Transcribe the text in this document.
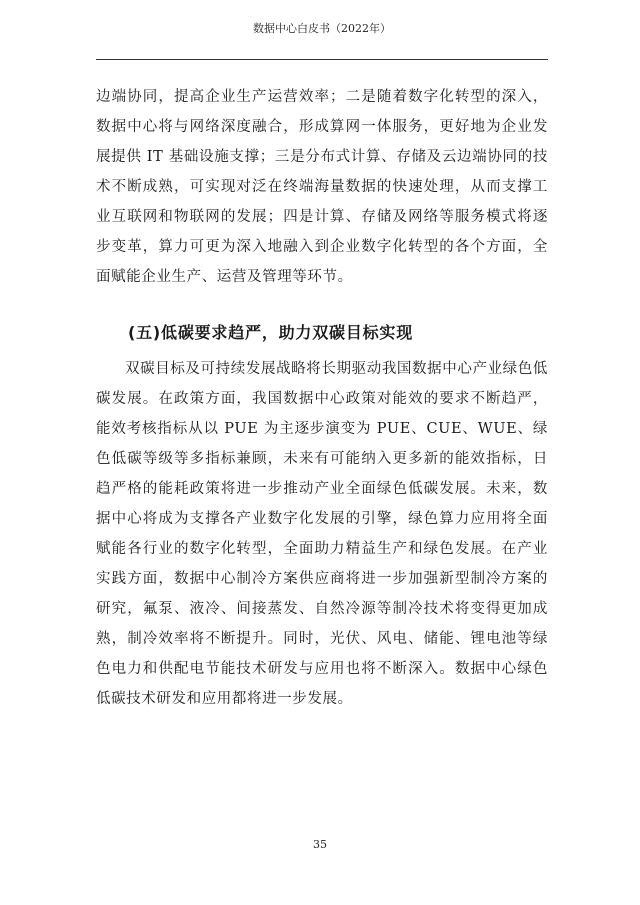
数据中心白皮书（2022年）

边端协同，提高企业生产运营效率；二是随着数字化转型的深入，数据中心将与网络深度融合，形成算网一体服务，更好地为企业发展提供 IT 基础设施支撑；三是分布式计算、存储及云边端协同的技术不断成熟，可实现对泛在终端海量数据的快速处理，从而支撑工业互联网和物联网的发展；四是计算、存储及网络等服务模式将逐步变革，算力可更为深入地融入到企业数字化转型的各个方面，全面赋能企业生产、运营及管理等环节。

(五)低碳要求趋严，助力双碳目标实现

双碳目标及可持续发展战略将长期驱动我国数据中心产业绿色低碳发展。在政策方面，我国数据中心政策对能效的要求不断趋严，能效考核指标从以 PUE 为主逐步演变为 PUE、CUE、WUE、绿色低碳等级等多指标兼顾，未来有可能纳入更多新的能效指标，日趋严格的能耗政策将进一步推动产业全面绿色低碳发展。未来，数据中心将成为支撑各产业数字化发展的引擎，绿色算力应用将全面赋能各行业的数字化转型，全面助力精益生产和绿色发展。在产业实践方面，数据中心制冷方案供应商将进一步加强新型制冷方案的研究，氟泵、液冷、间接蒸发、自然冷源等制冷技术将变得更加成熟，制冷效率将不断提升。同时，光伏、风电、储能、锂电池等绿色电力和供配电节能技术研发与应用也将不断深入。数据中心绿色低碳技术研发和应用都将进一步发展。

35
